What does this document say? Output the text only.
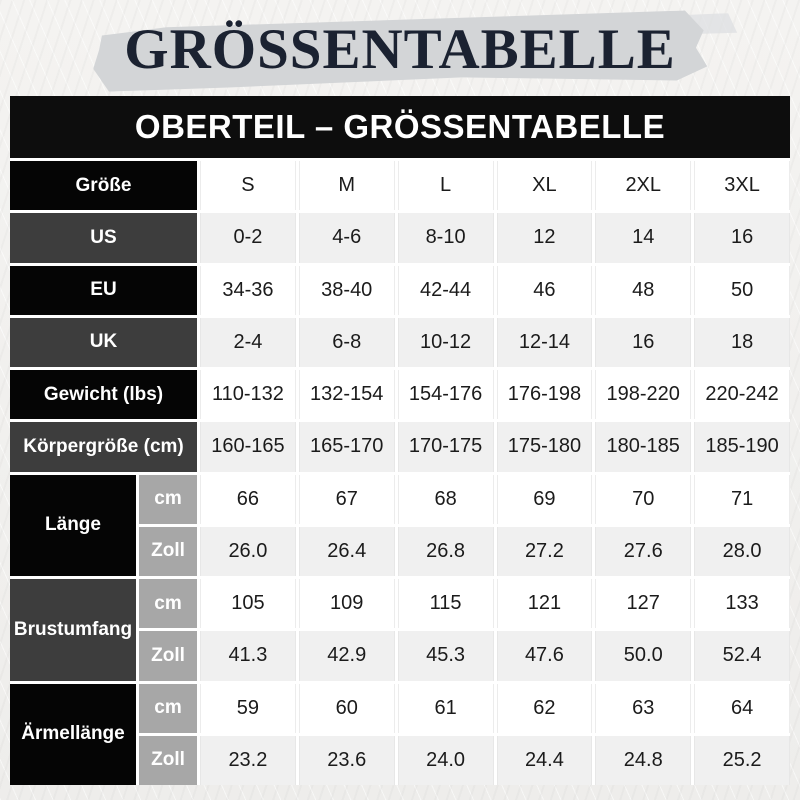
GRÖSSENTABELLE
OBERTEIL – GRÖSSENTABELLE
Größe	S	M	L	XL	2XL	3XL
US	0-2	4-6	8-10	12	14	16
EU	34-36	38-40	42-44	46	48	50
UK	2-4	6-8	10-12	12-14	16	18
Gewicht (lbs)	110-132	132-154	154-176	176-198	198-220	220-242
Körpergröße (cm)	160-165	165-170	170-175	175-180	180-185	185-190
Länge
cm	66	67	68	69	70	71
Zoll	26.0	26.4	26.8	27.2	27.6	28.0
Brustumfang
cm	105	109	115	121	127	133
Zoll	41.3	42.9	45.3	47.6	50.0	52.4
Ärmellänge
cm	59	60	61	62	63	64
Zoll	23.2	23.6	24.0	24.4	24.8	25.2
